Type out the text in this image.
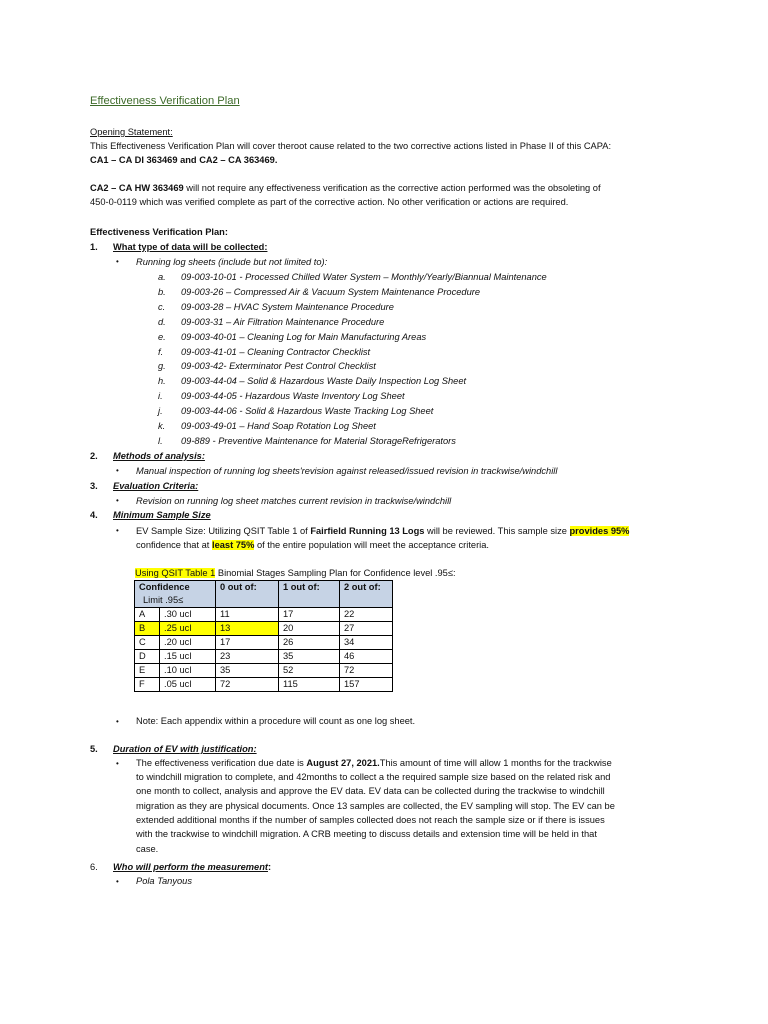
Effectiveness Verification Plan
Opening Statement:
This Effectiveness Verification Plan will cover theroot cause related to the two corrective actions listed in Phase II of this CAPA:
CA1 – CA DI 363469 and CA2 – CA 363469.
CA2 – CA HW 363469 will not require any effectiveness verification as the corrective action performed was the obsoleting of
450-0-0119 which was verified complete as part of the corrective action. No other verification or actions are required.
Effectiveness Verification Plan:
1. What type of data will be collected:
• Running log sheets (include but not limited to):
a. 09-003-10-01 - Processed Chilled Water System – Monthly/Yearly/Biannual Maintenance
b. 09-003-26 – Compressed Air & Vacuum System Maintenance Procedure
c. 09-003-28 – HVAC System Maintenance Procedure
d. 09-003-31 – Air Filtration Maintenance Procedure
e. 09-003-40-01 – Cleaning Log for Main Manufacturing Areas
f. 09-003-41-01 – Cleaning Contractor Checklist
g. 09-003-42- Exterminator Pest Control Checklist
h. 09-003-44-04 – Solid & Hazardous Waste Daily Inspection Log Sheet
i. 09-003-44-05 - Hazardous Waste Inventory Log Sheet
j. 09-003-44-06 - Solid & Hazardous Waste Tracking Log Sheet
k. 09-003-49-01 – Hand Soap Rotation Log Sheet
l. 09-889 - Preventive Maintenance for Material StorageRefrigerators
2. Methods of analysis:
• Manual inspection of running log sheets'revision against released/issued revision in trackwise/windchill
3. Evaluation Criteria:
• Revision on running log sheet matches current revision in trackwise/windchill
4. Minimum Sample Size
• EV Sample Size: Utilizing QSIT Table 1 of Fairfield Running 13 Logs will be reviewed. This sample size provides 95%
confidence that at least 75% of the entire population will meet the acceptance criteria.
Using QSIT Table 1 Binomial Stages Sampling Plan for Confidence level .95≤:
Confidence
Limit .95≤		0 out of:	1 out of:	2 out of:
A	.30 ucl	11	17	22
B	.25 ucl	13	20	27
C	.20 ucl	17	26	34
D	.15 ucl	23	35	46
E	.10 ucl	35	52	72
F	.05 ucl	72	115	157
• Note: Each appendix within a procedure will count as one log sheet.
5. Duration of EV with justification:
• The effectiveness verification due date is August 27, 2021.This amount of time will allow 1 months for the trackwise
to windchill migration to complete, and 42months to collect a the required sample size based on the related risk and
one month to collect, analysis and approve the EV data. EV data can be collected during the trackwise to windchill
migration as they are physical documents. Once 13 samples are collected, the EV sampling will stop. The EV can be
extended additional months if the number of samples collected does not reach the sample size or if there is issues
with the trackwise to windchill migration. A CRB meeting to discuss details and extension time will be held in that
case.
6. Who will perform the measurement:
• Pola Tanyous
